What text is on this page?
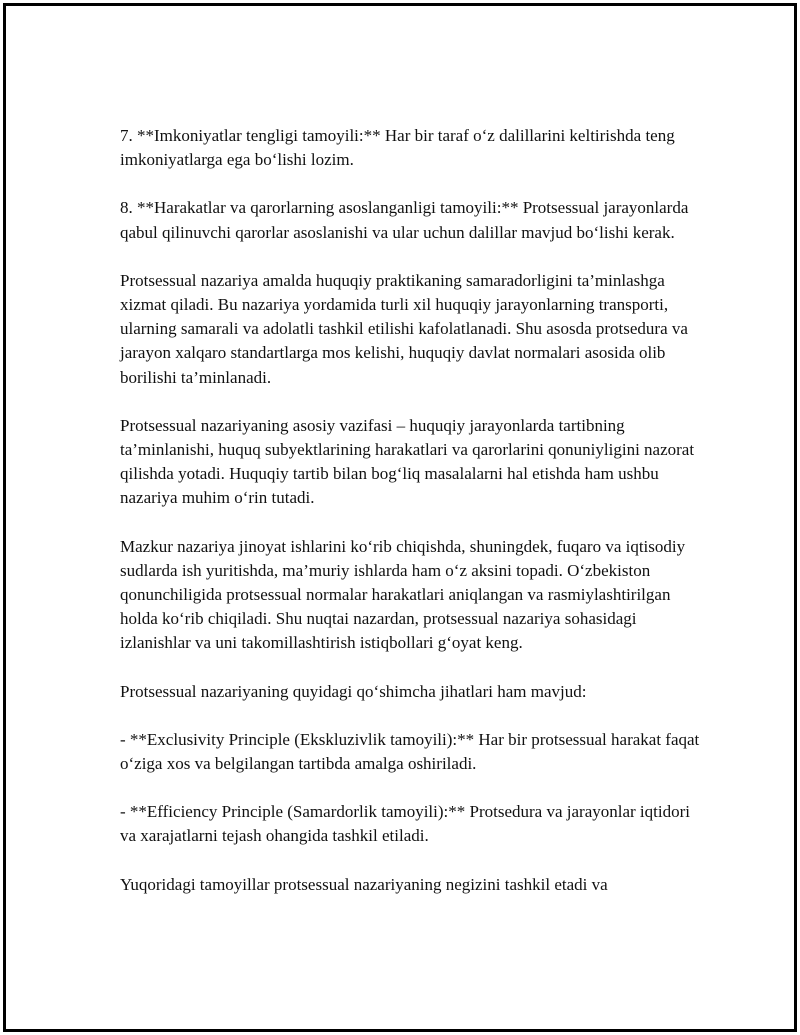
7. **Imkoniyatlar tengligi tamoyili:** Har bir taraf o‘z dalillarini keltirishda teng imkoniyatlarga ega bo‘lishi lozim.

8. **Harakatlar va qarorlarning asoslanganligi tamoyili:** Protsessual jarayonlarda qabul qilinuvchi qarorlar asoslanishi va ular uchun dalillar mavjud bo‘lishi kerak.

Protsessual nazariya amalda huquqiy praktikaning samaradorligini ta’minlashga xizmat qiladi. Bu nazariya yordamida turli xil huquqiy jarayonlarning transporti, ularning samarali va adolatli tashkil etilishi kafolatlanadi. Shu asosda protsedura va jarayon xalqaro standartlarga mos kelishi, huquqiy davlat normalari asosida olib borilishi ta’minlanadi.

Protsessual nazariyaning asosiy vazifasi – huquqiy jarayonlarda tartibning ta’minlanishi, huquq subyektlarining harakatlari va qarorlarini qonuniyligini nazorat qilishda yotadi. Huquqiy tartib bilan bog‘liq masalalarni hal etishda ham ushbu nazariya muhim o‘rin tutadi.

Mazkur nazariya jinoyat ishlarini ko‘rib chiqishda, shuningdek, fuqaro va iqtisodiy sudlarda ish yuritishda, ma’muriy ishlarda ham o‘z aksini topadi. O‘zbekiston qonunchiligida protsessual normalar harakatlari aniqlangan va rasmiylashtirilgan holda ko‘rib chiqiladi. Shu nuqtai nazardan, protsessual nazariya sohasidagi izlanishlar va uni takomillashtirish istiqbollari g‘oyat keng.

Protsessual nazariyaning quyidagi qo‘shimcha jihatlari ham mavjud:

- **Exclusivity Principle (Ekskluzivlik tamoyili):** Har bir protsessual harakat faqat o‘ziga xos va belgilangan tartibda amalga oshiriladi.

- **Efficiency Principle (Samardorlik tamoyili):** Protsedura va jarayonlar iqtidori va xarajatlarni tejash ohangida tashkil etiladi.

Yuqoridagi tamoyillar protsessual nazariyaning negizini tashkil etadi va
